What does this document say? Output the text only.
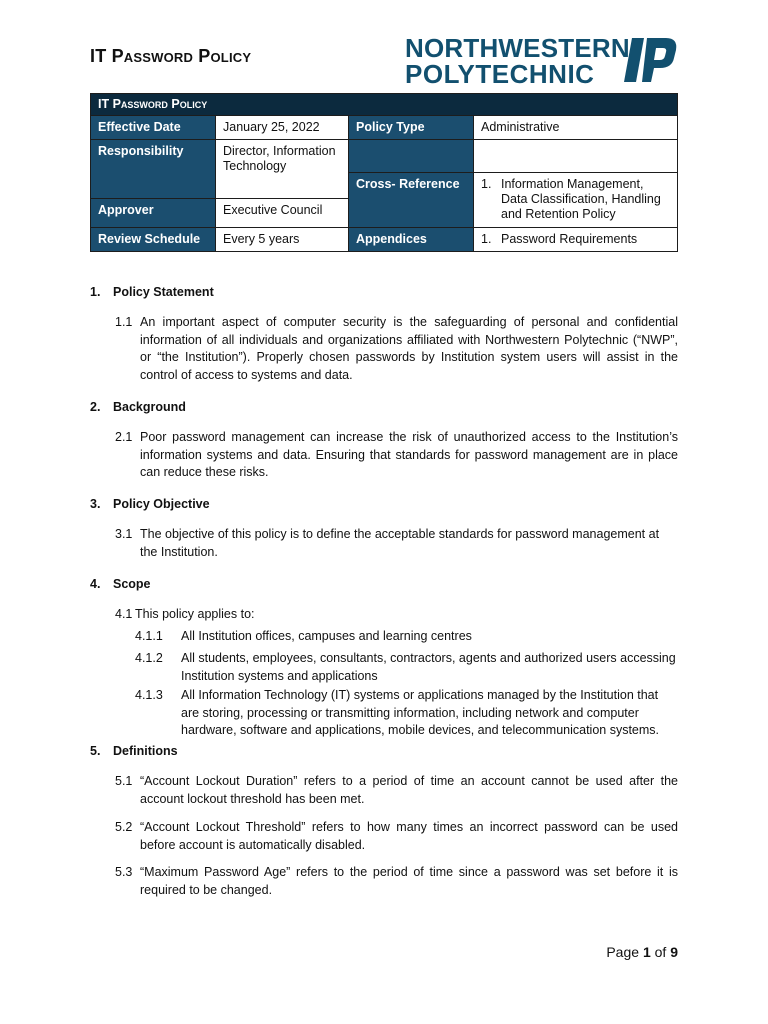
IT Password Policy	NORTHWESTERN
POLYTECHNIC
IT Password Policy			
Effective Date	January 25, 2022	Policy Type	Administrative
Responsibility	Director, Information Technology		
		Cross- Reference	1. Information Management, Data Classification, Handling and Retention Policy

Approver	Executive Council		
Review Schedule	Every 5 years	Appendices	1. Password Requirements
1. Policy Statement
1.1 An important aspect of computer security is the safeguarding of personal and confidential information of all individuals and organizations affiliated with Northwestern Polytechnic (“NWP”, or “the Institution”). Properly chosen passwords by Institution system users will assist in the control of access to systems and data.
2. Background
2.1 Poor password management can increase the risk of unauthorized access to the Institution’s information systems and data. Ensuring that standards for password management are in place can reduce these risks.
3. Policy Objective
3.1 The objective of this policy is to define the acceptable standards for password management at the Institution.
4. Scope
4.1 This policy applies to:
4.1.1 All Institution offices, campuses and learning centres
4.1.2 All students, employees, consultants, contractors, agents and authorized users accessing Institution systems and applications
4.1.3 All Information Technology (IT) systems or applications managed by the Institution that are storing, processing or transmitting information, including network and computer hardware, software and applications, mobile devices, and telecommunication systems.
5. Definitions
5.1 “Account Lockout Duration” refers to a period of time an account cannot be used after the account lockout threshold has been met.
5.2 “Account Lockout Threshold” refers to how many times an incorrect password can be used before account is automatically disabled.
5.3 “Maximum Password Age” refers to the period of time since a password was set before it is required to be changed.
Page 1 of 9
